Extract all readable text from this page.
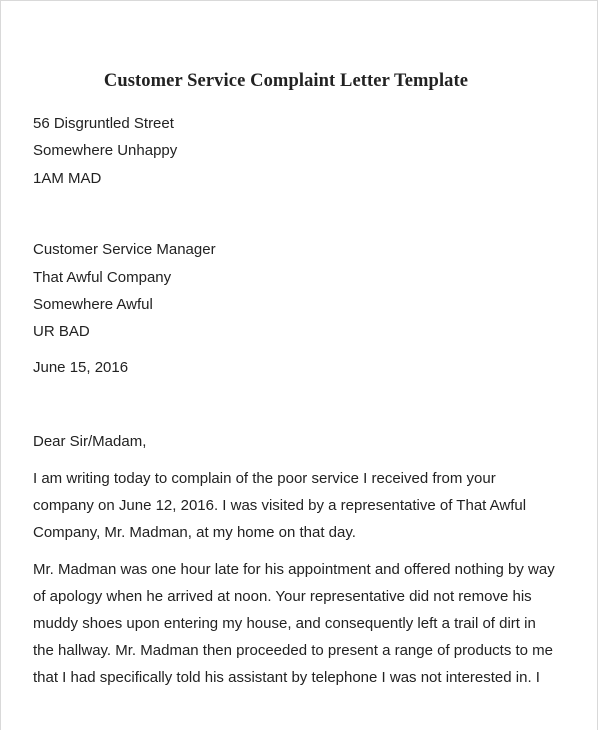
Customer Service Complaint Letter Template
56 Disgruntled Street
Somewhere Unhappy
1AM MAD
Customer Service Manager
That Awful Company
Somewhere Awful
UR BAD
June 15, 2016
Dear Sir/Madam,
I am writing today to complain of the poor service I received from your
company on June 12, 2016. I was visited by a representative of That Awful
Company, Mr. Madman, at my home on that day.
Mr. Madman was one hour late for his appointment and offered nothing by way
of apology when he arrived at noon. Your representative did not remove his
muddy shoes upon entering my house, and consequently left a trail of dirt in
the hallway. Mr. Madman then proceeded to present a range of products to me
that I had specifically told his assistant by telephone I was not interested in. I
